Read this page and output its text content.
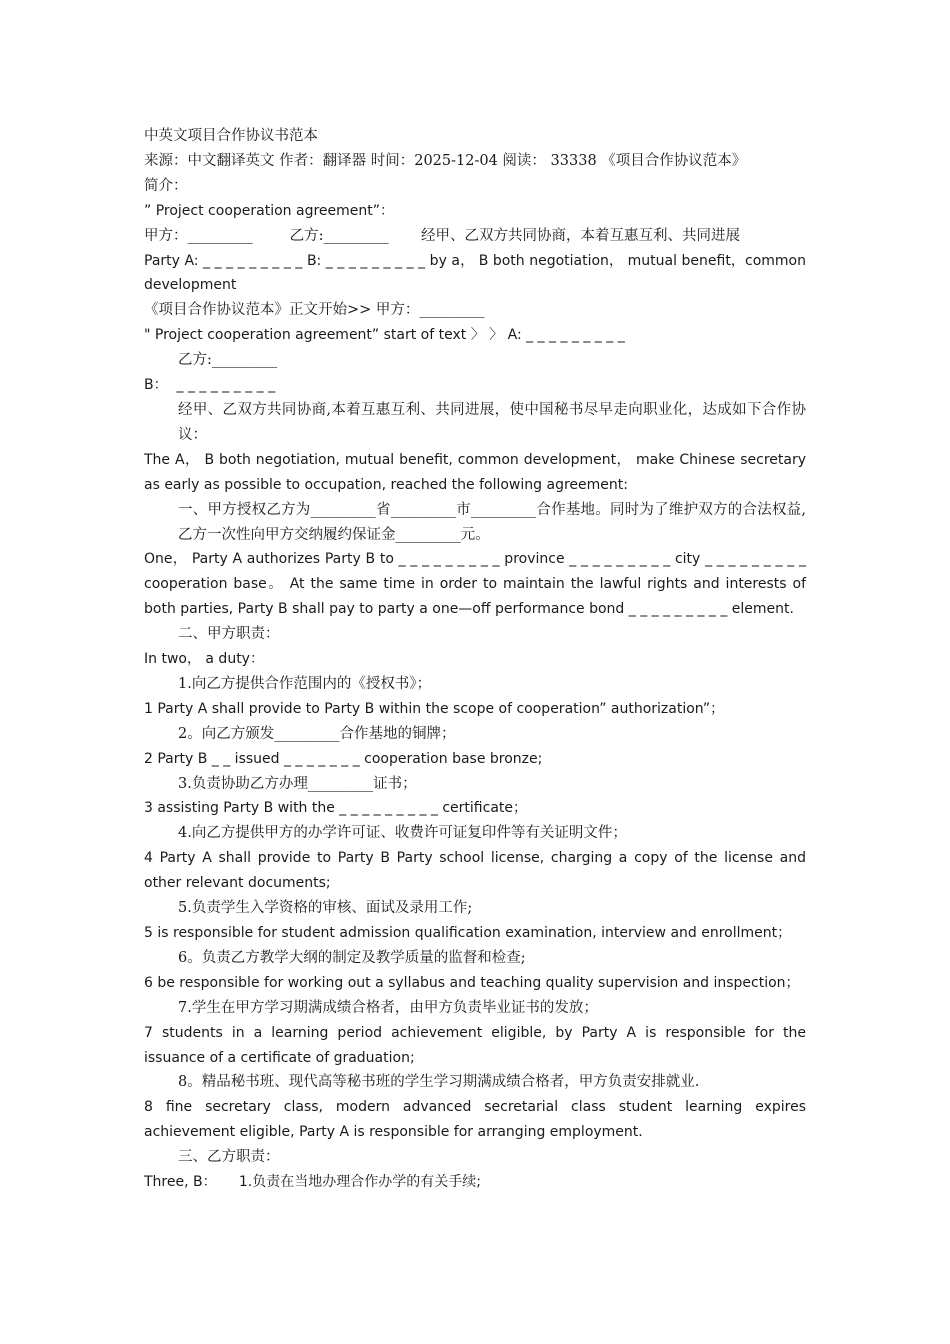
中英文项目合作协议书范本

来源：中文翻译英文 作者：翻译器 时间：2025-12-04 阅读： 33338 《项目合作协议范本》

简介：

” Project cooperation agreement”：

甲方：_________        乙方:_________       经甲、乙双方共同协商，本着互惠互利、共同进展

Party A: _ _ _ _ _ _ _ _ _ B: _ _ _ _ _ _ _ _ _ by a， B both negotiation， mutual benefit，common development

《项目合作协议范本》正文开始>> 甲方：_________

" Project cooperation agreement” start of text 〉 〉 A: _ _ _ _ _ _ _ _ _

乙方:_________

B：  _ _ _ _ _ _ _ _ _

经甲、乙双方共同协商,本着互惠互利、共同进展，使中国秘书尽早走向职业化，达成如下合作协议：

The A， B both negotiation, mutual benefit, common development， make Chinese secretary as early as possible to occupation, reached the following agreement:

一、甲方授权乙方为_________省_________市_________合作基地。同时为了维护双方的合法权益,乙方一次性向甲方交纳履约保证金_________元。

One， Party A authorizes Party B to _ _ _ _ _ _ _ _ _ province _ _ _ _ _ _ _ _ _ city _ _ _ _ _ _ _ _ _ cooperation base。 At the same time in order to maintain the lawful rights and interests of both parties, Party B shall pay to party a one—off performance bond _ _ _ _ _ _ _ _ _ element.

二、甲方职责：

In two， a duty：

1.向乙方提供合作范围内的《授权书》；

1 Party A shall provide to Party B within the scope of cooperation” authorization”；

2。向乙方颁发_________合作基地的铜牌；

2 Party B _ _ issued _ _ _ _ _ _ _ cooperation base bronze;

3.负责协助乙方办理_________证书；

3 assisting Party B with the _ _ _ _ _ _ _ _ _ certificate；

4.向乙方提供甲方的办学许可证、收费许可证复印件等有关证明文件；

4 Party A shall provide to Party B Party school license, charging a copy of the license and other relevant documents;

5.负责学生入学资格的审核、面试及录用工作;

5 is responsible for student admission qualification examination, interview and enrollment；

6。负责乙方教学大纲的制定及教学质量的监督和检查;

6 be responsible for working out a syllabus and teaching quality supervision and inspection；

7.学生在甲方学习期满成绩合格者，由甲方负责毕业证书的发放；

7 students in a learning period achievement eligible, by Party A is responsible for the issuance of a certificate of graduation;

8。精品秘书班、现代高等秘书班的学生学习期满成绩合格者，甲方负责安排就业.

8 fine secretary class, modern advanced secretarial class student learning expires achievement eligible, Party A is responsible for arranging employment.

三、乙方职责：

Three, B：     1.负责在当地办理合作办学的有关手续;
